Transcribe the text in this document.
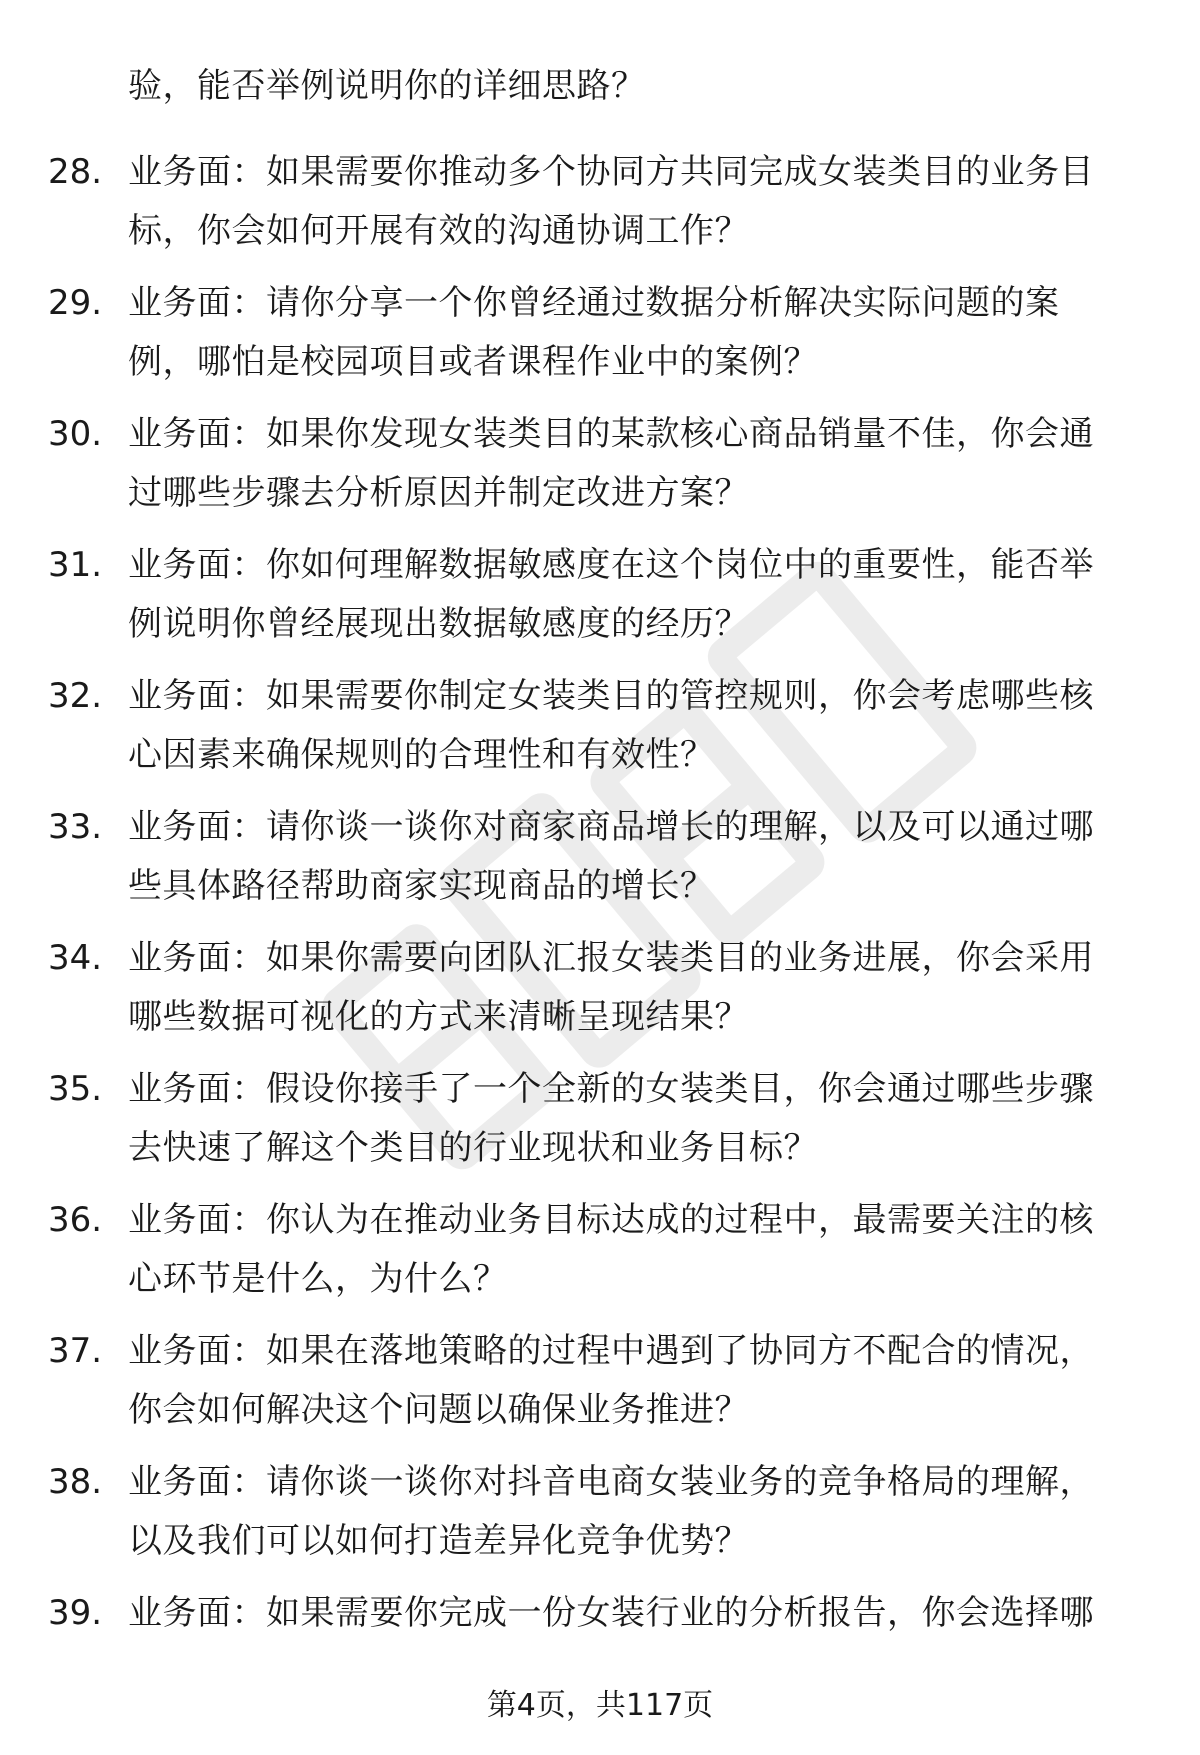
验，能否举例说明你的详细思路？
28. 业务面：如果需要你推动多个协同方共同完成女装类目的业务目
标，你会如何开展有效的沟通协调工作？
29. 业务面：请你分享一个你曾经通过数据分析解决实际问题的案
例，哪怕是校园项目或者课程作业中的案例？
30. 业务面：如果你发现女装类目的某款核心商品销量不佳，你会通
过哪些步骤去分析原因并制定改进方案？
31. 业务面：你如何理解数据敏感度在这个岗位中的重要性，能否举
例说明你曾经展现出数据敏感度的经历？
32. 业务面：如果需要你制定女装类目的管控规则，你会考虑哪些核
心因素来确保规则的合理性和有效性？
33. 业务面：请你谈一谈你对商家商品增长的理解，以及可以通过哪
些具体路径帮助商家实现商品的增长？
34. 业务面：如果你需要向团队汇报女装类目的业务进展，你会采用
哪些数据可视化的方式来清晰呈现结果？
35. 业务面：假设你接手了一个全新的女装类目，你会通过哪些步骤
去快速了解这个类目的行业现状和业务目标？
36. 业务面：你认为在推动业务目标达成的过程中，最需要关注的核
心环节是什么，为什么？
37. 业务面：如果在落地策略的过程中遇到了协同方不配合的情况，
你会如何解决这个问题以确保业务推进？
38. 业务面：请你谈一谈你对抖音电商女装业务的竞争格局的理解，
以及我们可以如何打造差异化竞争优势？
39. 业务面：如果需要你完成一份女装行业的分析报告，你会选择哪
第4页，共117页
